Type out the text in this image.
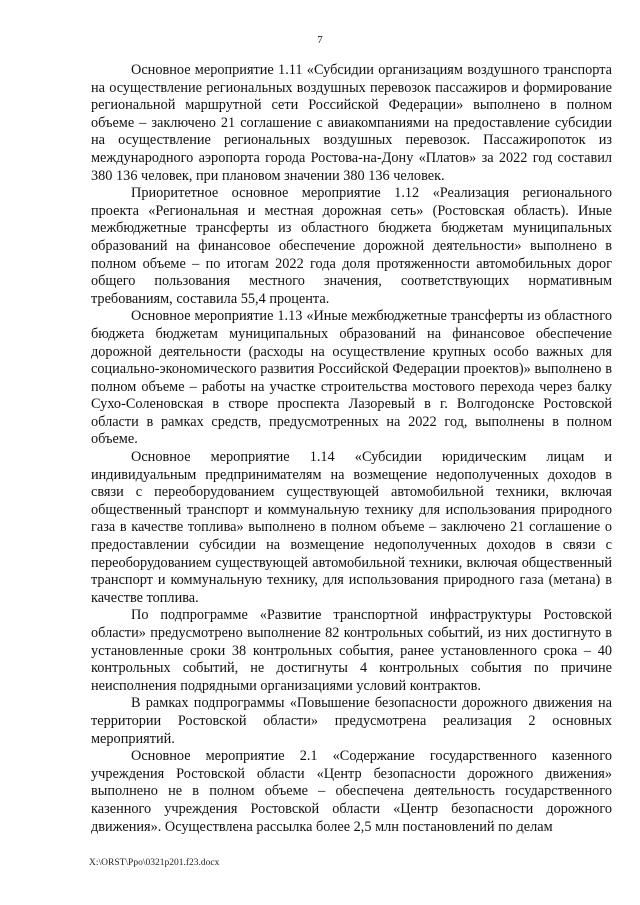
7

Основное мероприятие 1.11 «Субсидии организациям воздушного транспорта на осуществление региональных воздушных перевозок пассажиров и формирование региональной маршрутной сети Российской Федерации» выполнено в полном объеме – заключено 21 соглашение с авиакомпаниями на предоставление субсидии на осуществление региональных воздушных перевозок. Пассажиропоток из международного аэропорта города Ростова-на-Дону «Платов» за 2022 год составил 380 136 человек, при плановом значении 380 136 человек.

Приоритетное основное мероприятие 1.12 «Реализация регионального проекта «Региональная и местная дорожная сеть» (Ростовская область). Иные межбюджетные трансферты из областного бюджета бюджетам муниципальных образований на финансовое обеспечение дорожной деятельности» выполнено в полном объеме – по итогам 2022 года доля протяженности автомобильных дорог общего пользования местного значения, соответствующих нормативным требованиям, составила 55,4 процента.

Основное мероприятие 1.13 «Иные межбюджетные трансферты из областного бюджета бюджетам муниципальных образований на финансовое обеспечение дорожной деятельности (расходы на осуществление крупных особо важных для социально-экономического развития Российской Федерации проектов)» выполнено в полном объеме – работы на участке строительства мостового перехода через балку Сухо-Соленовская в створе проспекта Лазоревый в г. Волгодонске Ростовской области в рамках средств, предусмотренных на 2022 год, выполнены в полном объеме.

Основное мероприятие 1.14 «Субсидии юридическим лицам и индивидуальным предпринимателям на возмещение недополученных доходов в связи с переоборудованием существующей автомобильной техники, включая общественный транспорт и коммунальную технику для использования природного газа в качестве топлива» выполнено в полном объеме – заключено 21 соглашение о предоставлении субсидии на возмещение недополученных доходов в связи с переоборудованием существующей автомобильной техники, включая общественный транспорт и коммунальную технику, для использования природного газа (метана) в качестве топлива.

По подпрограмме «Развитие транспортной инфраструктуры Ростовской области» предусмотрено выполнение 82 контрольных событий, из них достигнуто в установленные сроки 38 контрольных события, ранее установленного срока – 40 контрольных событий, не достигнуты 4 контрольных события по причине неисполнения подрядными организациями условий контрактов.

В рамках подпрограммы «Повышение безопасности дорожного движения на территории Ростовской области» предусмотрена реализация 2 основных мероприятий.

Основное мероприятие 2.1 «Содержание государственного казенного учреждения Ростовской области «Центр безопасности дорожного движения» выполнено не в полном объеме – обеспечена деятельность государственного казенного учреждения Ростовской области «Центр безопасности дорожного движения». Осуществлена рассылка более 2,5 млн постановлений по делам

X:\ORST\Ppo\0321p201.f23.docx
